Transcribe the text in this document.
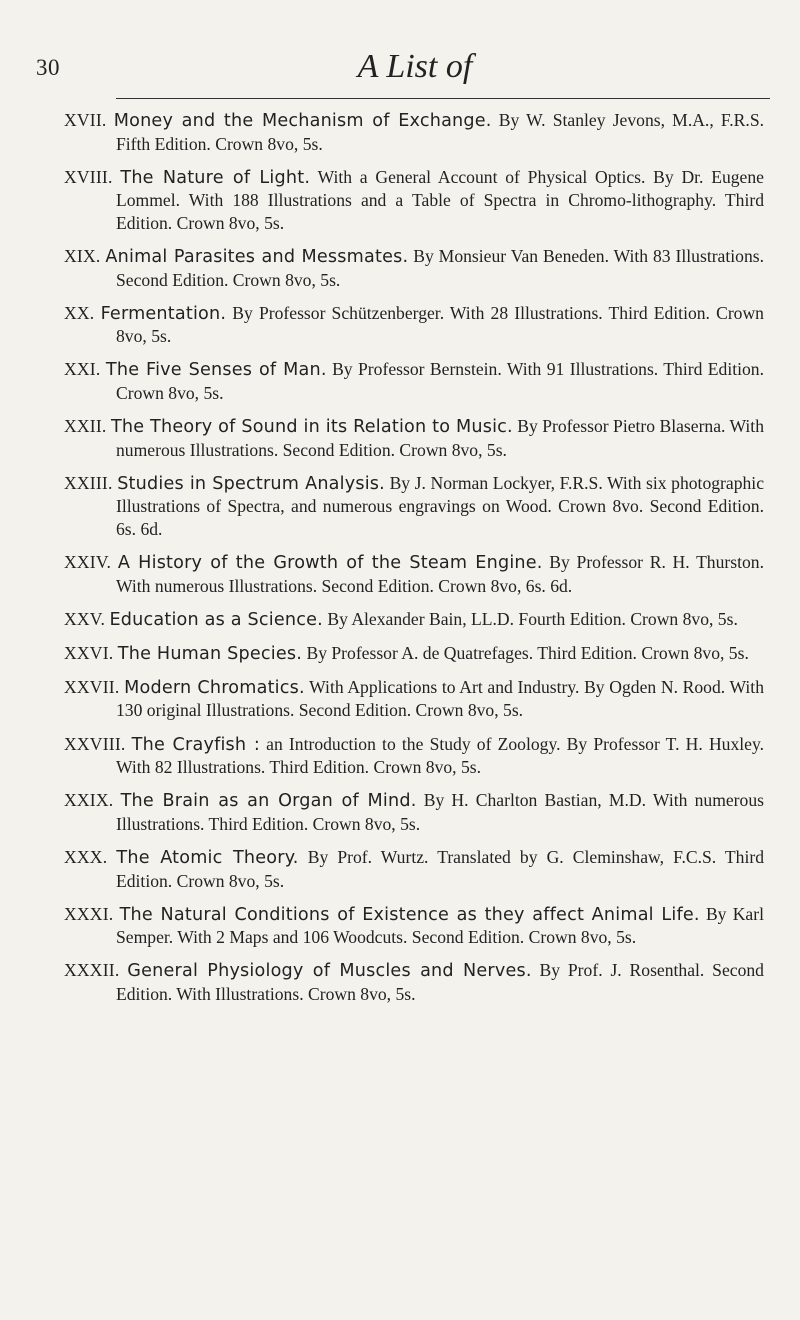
30	A List of
XVII. Money and the Mechanism of Exchange. By W. Stanley Jevons, M.A., F.R.S. Fifth Edition. Crown 8vo, 5s.
XVIII. The Nature of Light. With a General Account of Physical Optics. By Dr. Eugene Lommel. With 188 Illustrations and a Table of Spectra in Chromo-lithography. Third Edition. Crown 8vo, 5s.
XIX. Animal Parasites and Messmates. By Monsieur Van Beneden. With 83 Illustrations. Second Edition. Crown 8vo, 5s.
XX. Fermentation. By Professor Schützenberger. With 28 Illustrations. Third Edition. Crown 8vo, 5s.
XXI. The Five Senses of Man. By Professor Bernstein. With 91 Illustrations. Third Edition. Crown 8vo, 5s.
XXII. The Theory of Sound in its Relation to Music. By Professor Pietro Blaserna. With numerous Illustrations. Second Edition. Crown 8vo, 5s.
XXIII. Studies in Spectrum Analysis. By J. Norman Lockyer, F.R.S. With six photographic Illustrations of Spectra, and numerous engravings on Wood. Crown 8vo. Second Edition. 6s. 6d.
XXIV. A History of the Growth of the Steam Engine. By Professor R. H. Thurston. With numerous Illustrations. Second Edition. Crown 8vo, 6s. 6d.
XXV. Education as a Science. By Alexander Bain, LL.D. Fourth Edition. Crown 8vo, 5s.
XXVI. The Human Species. By Professor A. de Quatrefages. Third Edition. Crown 8vo, 5s.
XXVII. Modern Chromatics. With Applications to Art and Industry. By Ogden N. Rood. With 130 original Illustrations. Second Edition. Crown 8vo, 5s.
XXVIII. The Crayfish : an Introduction to the Study of Zoology. By Professor T. H. Huxley. With 82 Illustrations. Third Edition. Crown 8vo, 5s.
XXIX. The Brain as an Organ of Mind. By H. Charlton Bastian, M.D. With numerous Illustrations. Third Edition. Crown 8vo, 5s.
XXX. The Atomic Theory. By Prof. Wurtz. Translated by G. Cleminshaw, F.C.S. Third Edition. Crown 8vo, 5s.
XXXI. The Natural Conditions of Existence as they affect Animal Life. By Karl Semper. With 2 Maps and 106 Woodcuts. Second Edition. Crown 8vo, 5s.
XXXII. General Physiology of Muscles and Nerves. By Prof. J. Rosenthal. Second Edition. With Illustrations. Crown 8vo, 5s.
